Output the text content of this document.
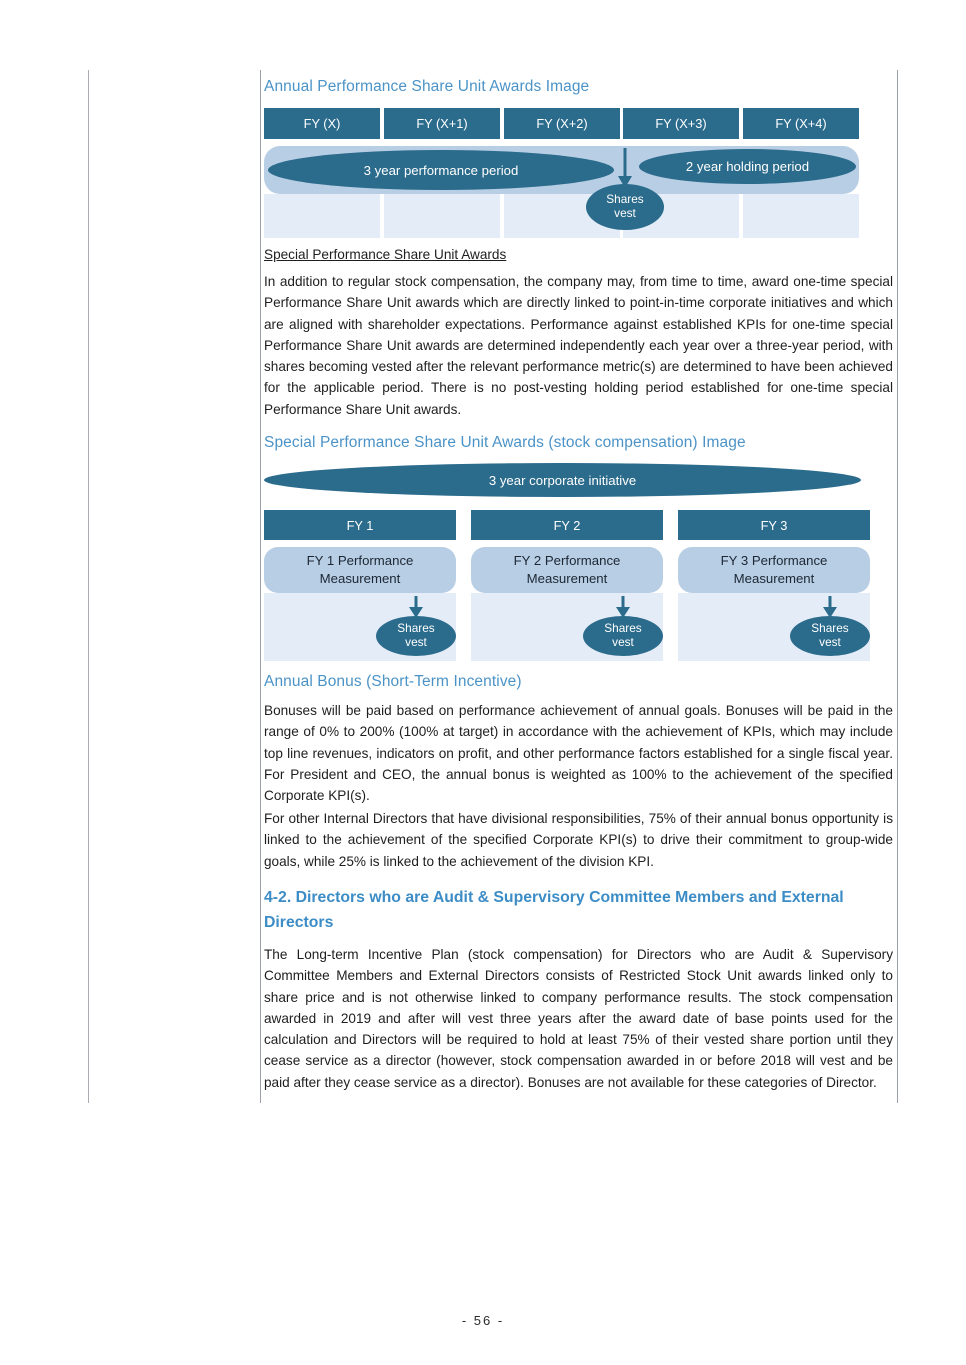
Annual Performance Share Unit Awards Image
FY (X)	FY (X+1)	FY (X+2)	FY (X+3)	FY (X+4)
3 year performance period	2 year holding period
Shares vest
Special Performance Share Unit Awards
In addition to regular stock compensation, the company may, from time to time, award one-time special Performance Share Unit awards which are directly linked to point-in-time corporate initiatives and which are aligned with shareholder expectations. Performance against established KPIs for one-time special Performance Share Unit awards are determined independently each year over a three-year period, with shares becoming vested after the relevant performance metric(s) are determined to have been achieved for the applicable period. There is no post-vesting holding period established for one-time special Performance Share Unit awards.
Special Performance Share Unit Awards (stock compensation) Image
3 year corporate initiative
FY 1
FY 1 Performance Measurement
Shares vest
FY 2
FY 2 Performance Measurement
Shares vest
FY 3
FY 3 Performance Measurement
Shares vest
Annual Bonus (Short-Term Incentive)
Bonuses will be paid based on performance achievement of annual goals. Bonuses will be paid in the range of 0% to 200% (100% at target) in accordance with the achievement of KPIs, which may include top line revenues, indicators on profit, and other performance factors established for a single fiscal year. For President and CEO, the annual bonus is weighted as 100% to the achievement of the specified Corporate KPI(s).
For other Internal Directors that have divisional responsibilities, 75% of their annual bonus opportunity is linked to the achievement of the specified Corporate KPI(s) to drive their commitment to group-wide goals, while 25% is linked to the achievement of the division KPI.
4-2. Directors who are Audit & Supervisory Committee Members and External Directors
The Long-term Incentive Plan (stock compensation) for Directors who are Audit & Supervisory Committee Members and External Directors consists of Restricted Stock Unit awards linked only to share price and is not otherwise linked to company performance results. The stock compensation awarded in 2019 and after will vest three years after the award date of base points used for the calculation and Directors will be required to hold at least 75% of their vested share portion until they cease service as a director (however, stock compensation awarded in or before 2018 will vest and be paid after they cease service as a director). Bonuses are not available for these categories of Director.
- 56 -
